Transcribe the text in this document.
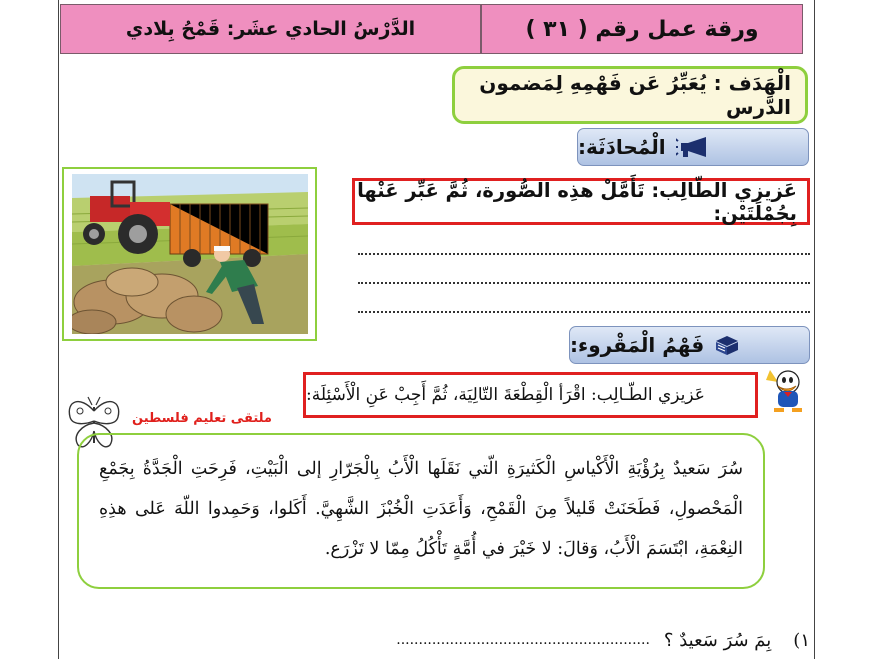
الدَّرْسُ الحادي عشَر: قَمْحُ بِلادي	ورقة عمل رقم ( ٣١ )
الْهَدَف : يُعَبِّرُ عَن فَهْمِهِ لِمَضمون الدَّرس
الْمُحادَثَة:
عَزيزي الطّالِب: تَأَمَّلْ هذِه الصُّورة، ثُمَّ عَبِّر عَنْها بِجُمْلَتَيْن:
فَهْمُ الْمَقْروء:
عَزيزي الطّـالِب: اقْرَأ الْقِطْعَةَ التّالِيَة، ثُمَّ أَجِبْ عَنِ الْأَسْئِلَة:
ملتقى تعليم فلسطين
سُرَ سَعيدٌ بِرُؤْيَةِ الْأَكْياسِ الْكَثيرَةِ الّتي نَقَلَها الْأَبُ بِالْجَرّارِ إلى الْبَيْتِ، فَرِحَتِ الْجَدَّةُ بِجَمْعِ الْمَحْصولِ، فَطَحَنَتْ قَليلاً مِنَ الْقَمْحِ، وَأَعَدَتِ الْخُبْزَ الشَّهِيَّ. أَكَلوا، وَحَمِدوا اللّهَ عَلى هذِهِ النِعْمَةِ، ابْتَسَمَ الْأَبُ، وَقالَ: لا خَيْرَ في أُمَّةٍ تَأْكُلُ مِمّا لا تَزْرَع.
١)
بِمَ سُرَ سَعيدٌ ؟
.........................................................
